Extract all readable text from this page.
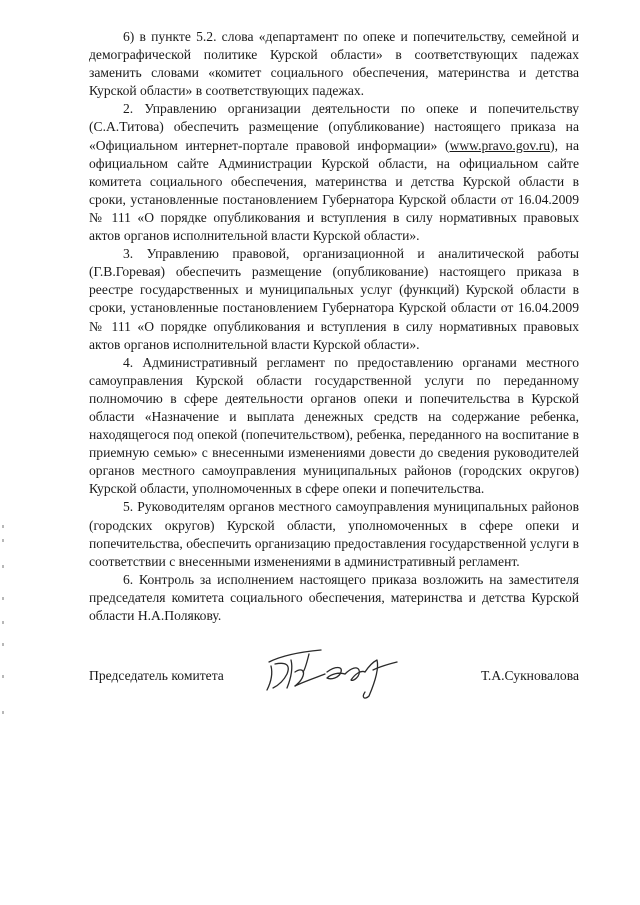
6) в пункте 5.2. слова «департамент по опеке и попечительству, семейной и демографической политике Курской области» в соответствующих падежах заменить словами «комитет социального обеспечения, материнства и детства Курской области» в соответствующих падежах.

2. Управлению организации деятельности по опеке и попечительству (С.А.Титова) обеспечить размещение (опубликование) настоящего приказа на «Официальном интернет-портале правовой информации» (www.pravo.gov.ru), на официальном сайте Администрации Курской области, на официальном сайте комитета социального обеспечения, материнства и детства Курской области в сроки, установленные постановлением Губернатора Курской области от 16.04.2009 № 111 «О порядке опубликования и вступления в силу нормативных правовых актов органов исполнительной власти Курской области».

3. Управлению правовой, организационной и аналитической работы (Г.В.Горевая) обеспечить размещение (опубликование) настоящего приказа в реестре государственных и муниципальных услуг (функций) Курской области в сроки, установленные постановлением Губернатора Курской области от 16.04.2009 № 111 «О порядке опубликования и вступления в силу нормативных правовых актов органов исполнительной власти Курской области».

4. Административный регламент по предоставлению органами местного самоуправления Курской области государственной услуги по переданному полномочию в сфере деятельности органов опеки и попечительства в Курской области «Назначение и выплата денежных средств на содержание ребенка, находящегося под опекой (попечительством), ребенка, переданного на воспитание в приемную семью» с внесенными изменениями довести до сведения руководителей органов местного самоуправления муниципальных районов (городских округов) Курской области, уполномоченных в сфере опеки и попечительства.

5. Руководителям органов местного самоуправления муниципальных районов (городских округов) Курской области, уполномоченных в сфере опеки и попечительства, обеспечить организацию предоставления государственной услуги в соответствии с внесенными изменениями в административный регламент.

6. Контроль за исполнением настоящего приказа возложить на заместителя председателя комитета социального обеспечения, материнства и детства Курской области Н.А.Полякову.

Председатель комитета	Т.А.Сукновалова
